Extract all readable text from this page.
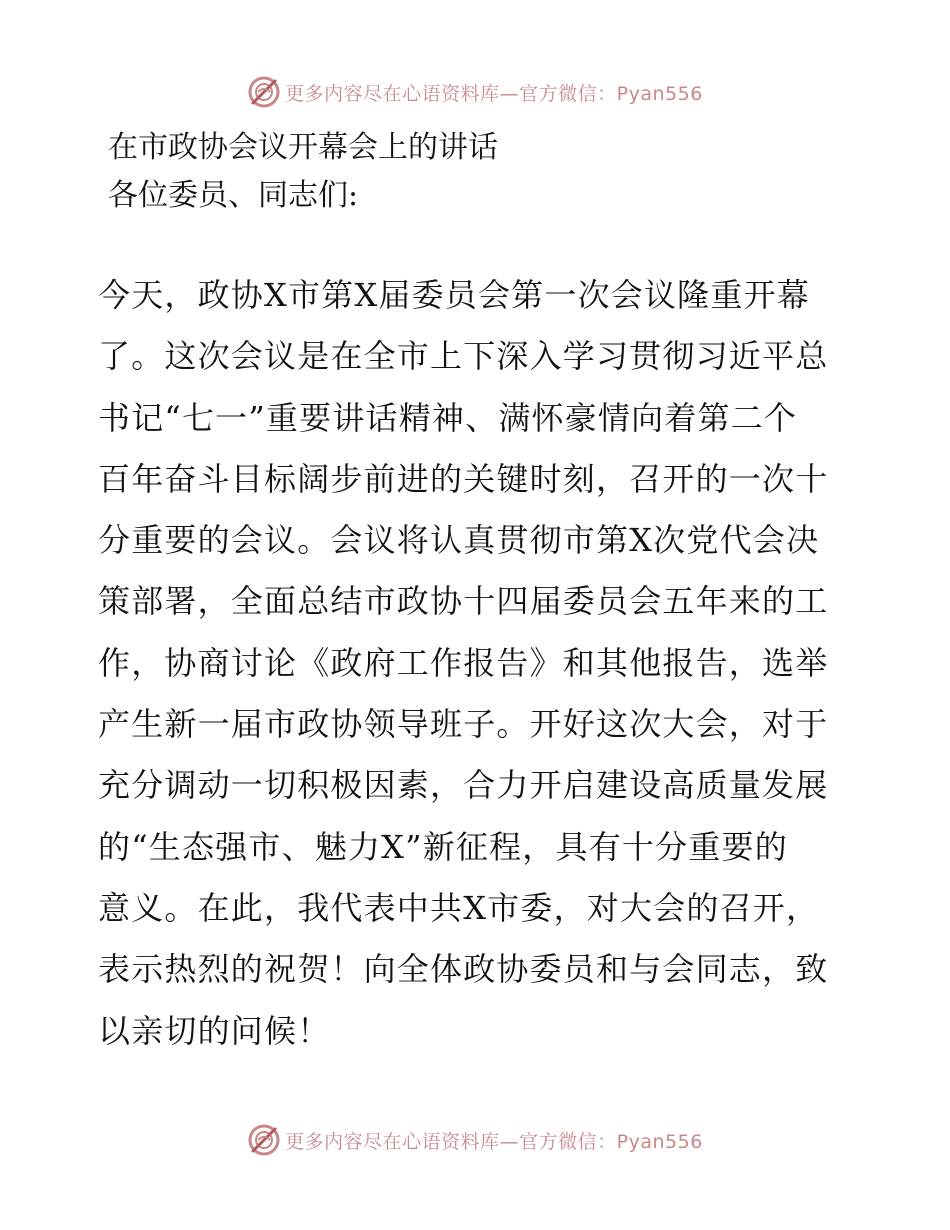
更多内容尽在心语资料库—官方微信：Pyan556
在市政协会议开幕会上的讲话
各位委员、同志们:
今天，政协X市第X届委员会第一次会议隆重开幕
了。这次会议是在全市上下深入学习贯彻习近平总
书记“七一”重要讲话精神、满怀豪情向着第二个
百年奋斗目标阔步前进的关键时刻，召开的一次十
分重要的会议。会议将认真贯彻市第X次党代会决
策部署，全面总结市政协十四届委员会五年来的工
作，协商讨论《政府工作报告》和其他报告，选举
产生新一届市政协领导班子。开好这次大会，对于
充分调动一切积极因素，合力开启建设高质量发展
的“生态强市、魅力X”新征程，具有十分重要的
意义。在此，我代表中共X市委，对大会的召开，
表示热烈的祝贺！向全体政协委员和与会同志，致
以亲切的问候！
更多内容尽在心语资料库—官方微信：Pyan556
